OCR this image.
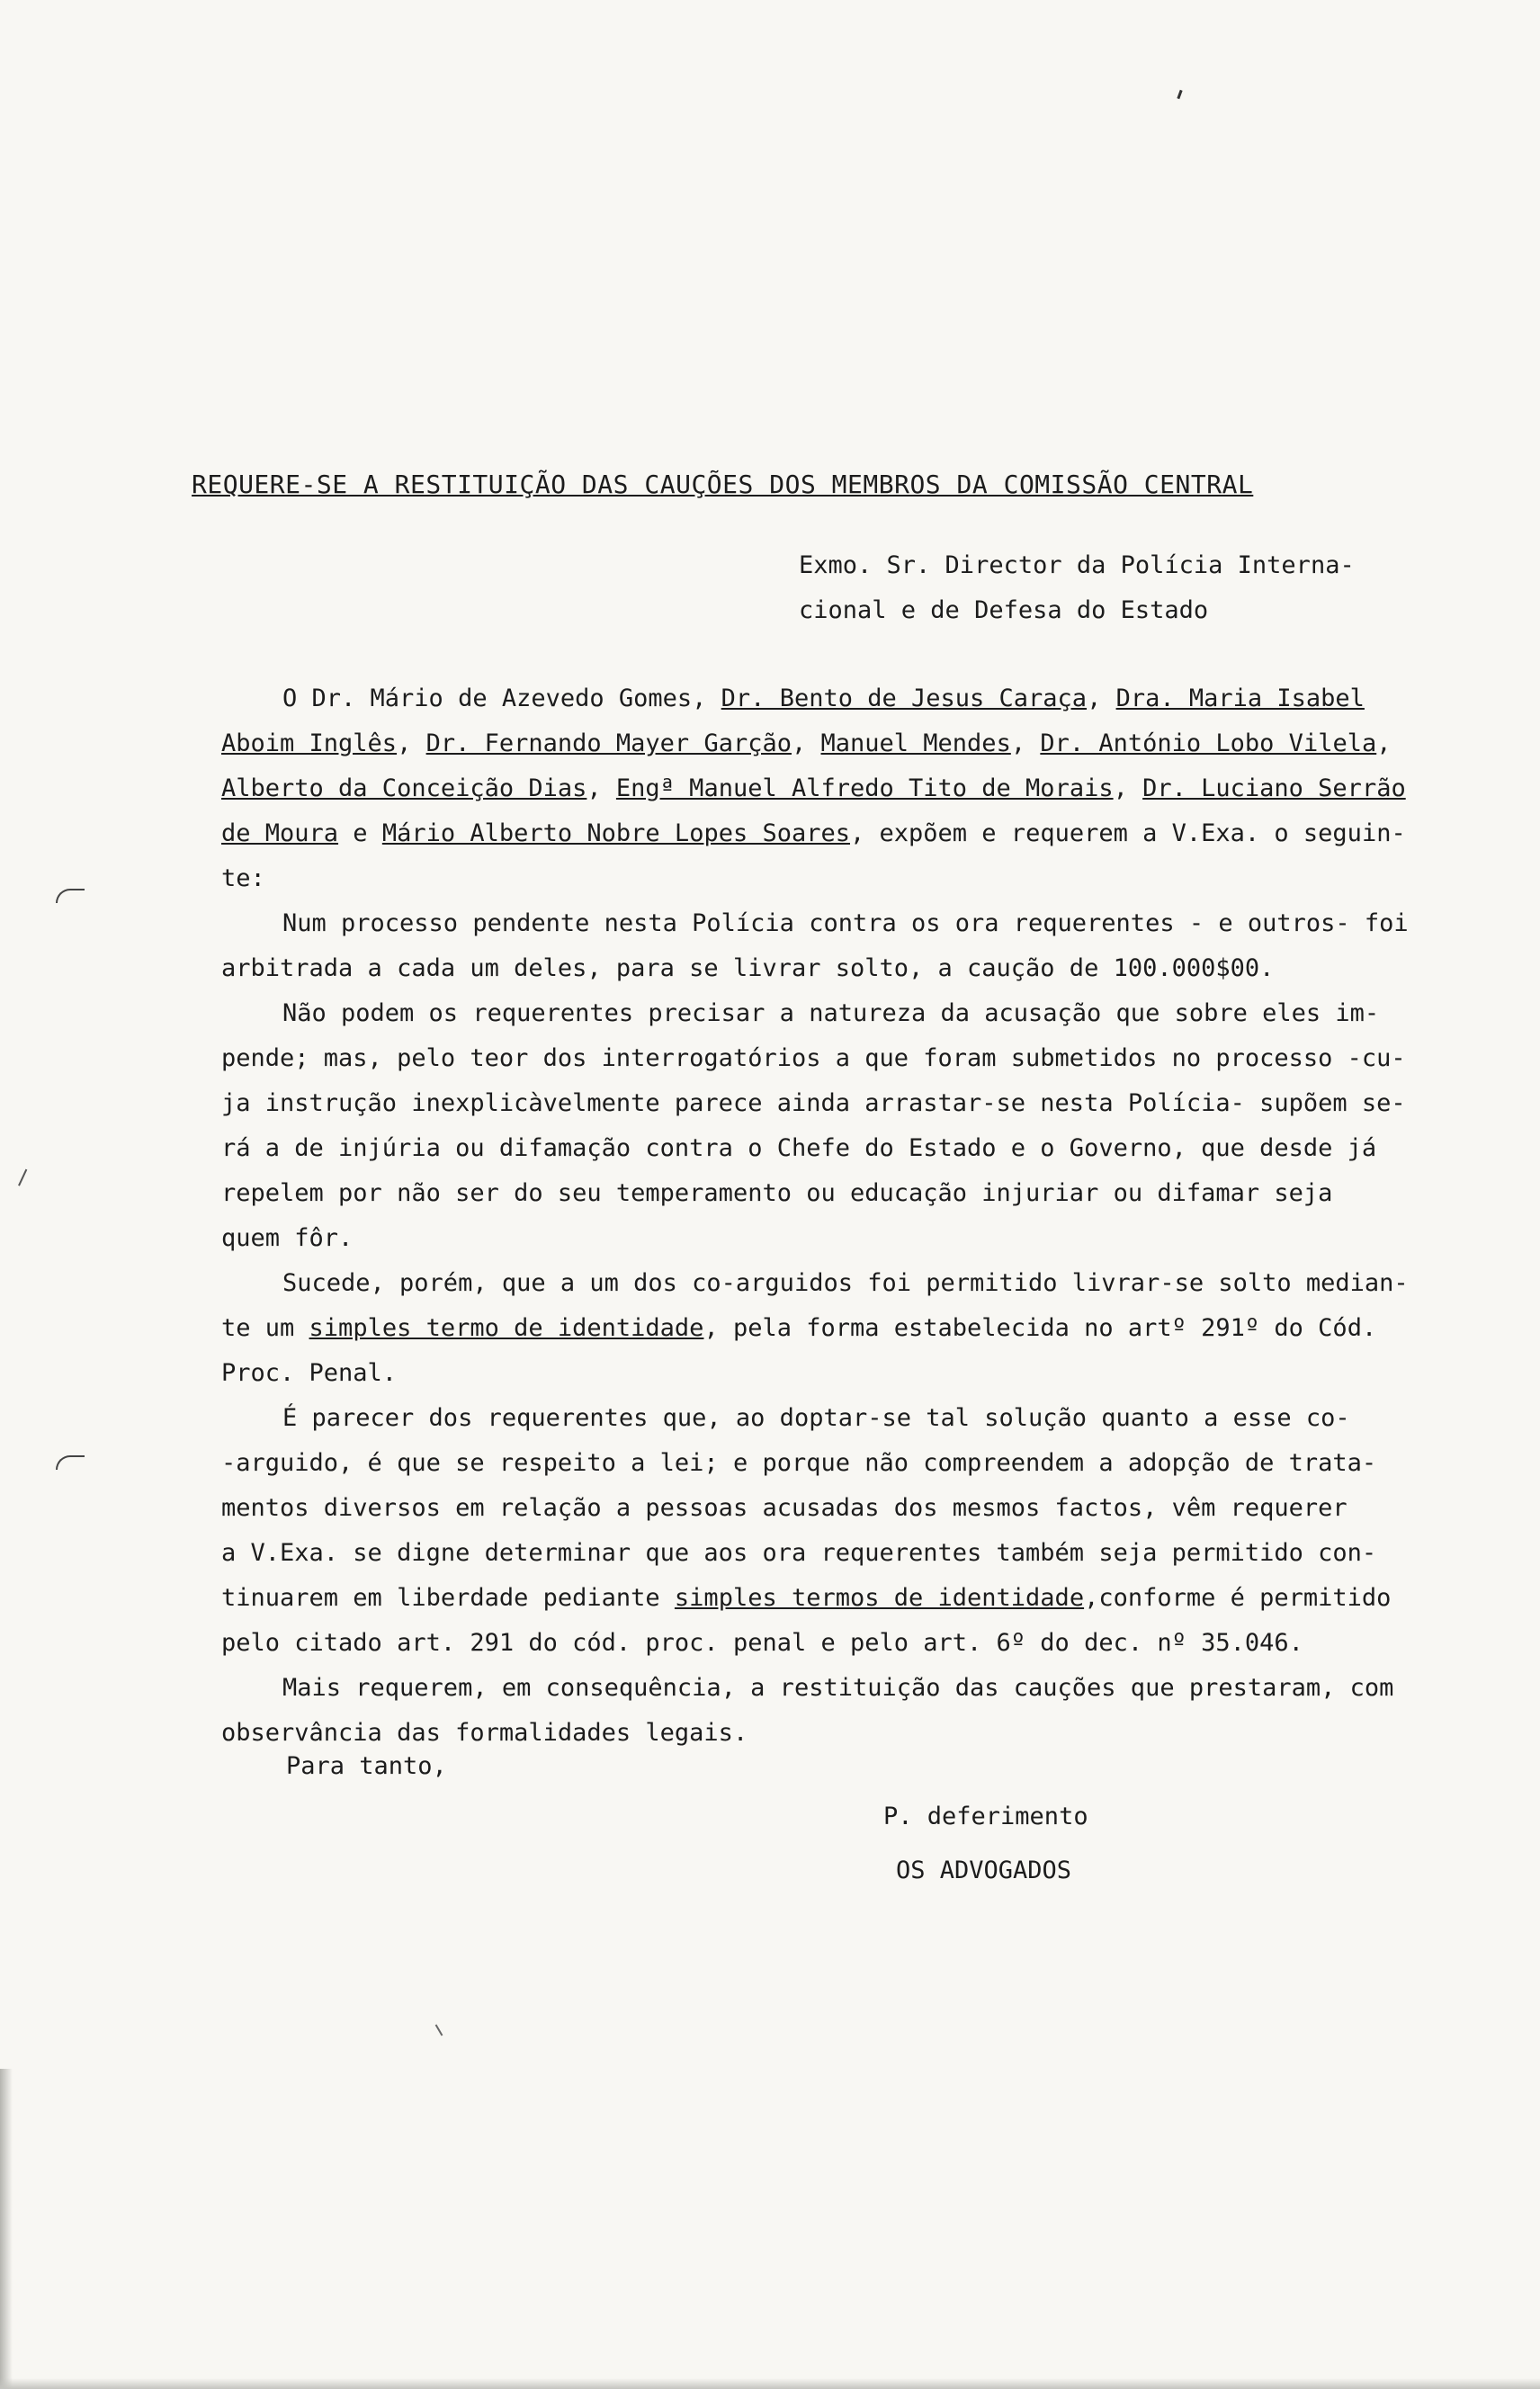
REQUERE-SE A RESTITUIÇÃO DAS CAUÇÕES DOS MEMBROS DA COMISSÃO CENTRAL
Exmo. Sr. Director da Polícia Interna-
cional e de Defesa do Estado
O Dr. Mário de Azevedo Gomes, Dr. Bento de Jesus Caraça, Dra. Maria Isabel
Aboim Inglês, Dr. Fernando Mayer Garção, Manuel Mendes, Dr. António Lobo Vilela,
Alberto da Conceição Dias, Engª Manuel Alfredo Tito de Morais, Dr. Luciano Serrão
de Moura e Mário Alberto Nobre Lopes Soares, expõem e requerem a V.Exa. o seguin-
te:
Num processo pendente nesta Polícia contra os ora requerentes - e outros- foi
arbitrada a cada um deles, para se livrar solto, a caução de 100.000$00.
Não podem os requerentes precisar a natureza da acusação que sobre eles im-
pende; mas, pelo teor dos interrogatórios a que foram submetidos no processo -cu-
ja instrução inexplicàvelmente parece ainda arrastar-se nesta Polícia- supõem se-
rá a de injúria ou difamação contra o Chefe do Estado e o Governo, que desde já
repelem por não ser do seu temperamento ou educação injuriar ou difamar seja
quem fôr.
Sucede, porém, que a um dos co-arguidos foi permitido livrar-se solto median-
te um simples termo de identidade, pela forma estabelecida no artº 291º do Cód.
Proc. Penal.
É parecer dos requerentes que, ao doptar-se tal solução quanto a esse co-
-arguido, é que se respeito a lei; e porque não compreendem a adopção de trata-
mentos diversos em relação a pessoas acusadas dos mesmos factos, vêm requerer
a V.Exa. se digne determinar que aos ora requerentes também seja permitido con-
tinuarem em liberdade pediante simples termos de identidade,conforme é permitido
pelo citado art. 291 do cód. proc. penal e pelo art. 6º do dec. nº 35.046.
Mais requerem, em consequência, a restituição das cauções que prestaram, com
observância das formalidades legais.
Para tanto,
P. deferimento
OS ADVOGADOS
